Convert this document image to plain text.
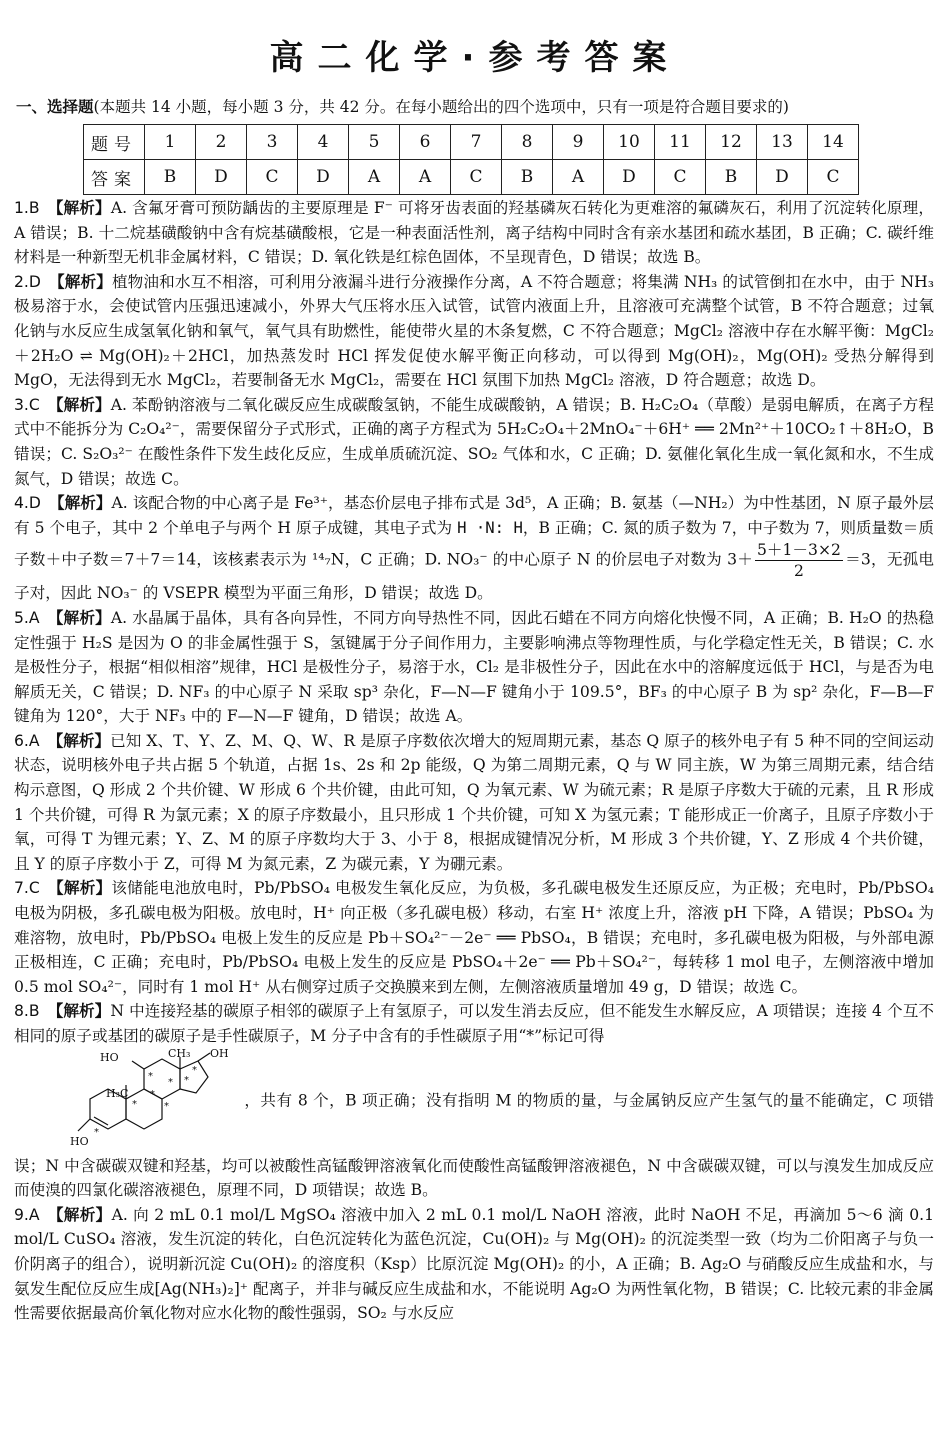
高二化学·参考答案
一、选择题(本题共 14 小题，每小题 3 分，共 42 分。在每小题给出的四个选项中，只有一项是符合题目要求的)
题号	1	2	3	4	5	6	7	8	9	10	11	12	13	14
答案	B	D	C	D	A	A	C	B	A	D	C	B	D	C

1.B 【解析】A. 含氟牙膏可预防龋齿的主要原理是 F⁻ 可将牙齿表面的羟基磷灰石转化为更难溶的氟磷灰石，利用了沉淀转化原理，A 错误；B. 十二烷基磺酸钠中含有烷基磺酸根，它是一种表面活性剂，离子结构中同时含有亲水基团和疏水基团，B 正确；C. 碳纤维材料是一种新型无机非金属材料，C 错误；D. 氧化铁是红棕色固体，不呈现青色，D 错误；故选 B。

2.D 【解析】植物油和水互不相溶，可利用分液漏斗进行分液操作分离，A 不符合题意；将集满 NH₃ 的试管倒扣在水中，由于 NH₃ 极易溶于水，会使试管内压强迅速减小，外界大气压将水压入试管，试管内液面上升，且溶液可充满整个试管，B 不符合题意；过氧化钠与水反应生成氢氧化钠和氧气，氧气具有助燃性，能使带火星的木条复燃，C 不符合题意；MgCl₂ 溶液中存在水解平衡：MgCl₂＋2H₂O ⇌ Mg(OH)₂＋2HCl，加热蒸发时 HCl 挥发促使水解平衡正向移动，可以得到 Mg(OH)₂，Mg(OH)₂ 受热分解得到 MgO，无法得到无水 MgCl₂，若要制备无水 MgCl₂，需要在 HCl 氛围下加热 MgCl₂ 溶液，D 符合题意；故选 D。

3.C 【解析】A. 苯酚钠溶液与二氧化碳反应生成碳酸氢钠，不能生成碳酸钠，A 错误；B. H₂C₂O₄（草酸）是弱电解质，在离子方程式中不能拆分为 C₂O₄²⁻，需要保留分子式形式，正确的离子方程式为 5H₂C₂O₄＋2MnO₄⁻＋6H⁺ ══ 2Mn²⁺＋10CO₂↑＋8H₂O，B 错误；C. S₂O₃²⁻ 在酸性条件下发生歧化反应，生成单质硫沉淀、SO₂ 气体和水，C 正确；D. 氨催化氧化生成一氧化氮和水，不生成氮气，D 错误；故选 C。

4.D 【解析】A. 该配合物的中心离子是 Fe³⁺，基态价层电子排布式是 3d⁵，A 正确；B. 氨基（—NH₂）为中性基团，N 原子最外层有 5 个电子，其中 2 个单电子与两个 H 原子成键，其电子式为 H ·N: H，B 正确；C. 氮的质子数为 7，中子数为 7，则质量数＝质子数＋中子数＝7＋7＝14，该核素表示为 ¹⁴₇N，C 正确；D. NO₃⁻ 的中心原子 N 的价层电子对数为 $3+ \frac{5+1-3\times 2}{2} =3$，无孤电子对，因此 NO₃⁻ 的 VSEPR 模型为平面三角形，D 错误；故选 D。

5.A 【解析】A. 水晶属于晶体，具有各向异性，不同方向导热性不同，因此石蜡在不同方向熔化快慢不同，A 正确；B. H₂O 的热稳定性强于 H₂S 是因为 O 的非金属性强于 S，氢键属于分子间作用力，主要影响沸点等物理性质，与化学稳定性无关，B 错误；C. 水是极性分子，根据“相似相溶”规律，HCl 是极性分子，易溶于水，Cl₂ 是非极性分子，因此在水中的溶解度远低于 HCl，与是否为电解质无关，C 错误；D. NF₃ 的中心原子 N 采取 sp³ 杂化，F—N—F 键角小于 109.5°，BF₃ 的中心原子 B 为 sp² 杂化，F—B—F 键角为 120°，大于 NF₃ 中的 F—N—F 键角，D 错误；故选 A。

6.A 【解析】已知 X、T、Y、Z、M、Q、W、R 是原子序数依次增大的短周期元素，基态 Q 原子的核外电子有 5 种不同的空间运动状态，说明核外电子共占据 5 个轨道，占据 1s、2s 和 2p 能级，Q 为第二周期元素，Q 与 W 同主族，W 为第三周期元素，结合结构示意图，Q 形成 2 个共价键、W 形成 6 个共价键，由此可知，Q 为氧元素、W 为硫元素；R 是原子序数大于硫的元素，且 R 形成 1 个共价键，可得 R 为氯元素；X 的原子序数最小，且只形成 1 个共价键，可知 X 为氢元素；T 能形成正一价离子，且原子序数小于氧，可得 T 为锂元素；Y、Z、M 的原子序数均大于 3、小于 8，根据成键情况分析，M 形成 3 个共价键，Y、Z 形成 4 个共价键，且 Y 的原子序数小于 Z，可得 M 为氮元素，Z 为碳元素，Y 为硼元素。

7.C 【解析】该储能电池放电时，Pb/PbSO₄ 电极发生氧化反应，为负极，多孔碳电极发生还原反应，为正极；充电时，Pb/PbSO₄ 电极为阴极，多孔碳电极为阳极。放电时，H⁺ 向正极（多孔碳电极）移动，右室 H⁺ 浓度上升，溶液 pH 下降，A 错误；PbSO₄ 为难溶物，放电时，Pb/PbSO₄ 电极上发生的反应是 Pb＋SO₄²⁻－2e⁻ ══ PbSO₄，B 错误；充电时，多孔碳电极为阳极，与外部电源正极相连，C 正确；充电时，Pb/PbSO₄ 电极上发生的反应是 PbSO₄＋2e⁻ ══ Pb＋SO₄²⁻，每转移 1 mol 电子，左侧溶液中增加 0.5 mol SO₄²⁻，同时有 1 mol H⁺ 从右侧穿过质子交换膜来到左侧，左侧溶液质量增加 49 g，D 错误；故选 C。

8.B 【解析】N 中连接羟基的碳原子相邻的碳原子上有氢原子，可以发生消去反应，但不能发生水解反应，A 项错误；连接 4 个互不相同的原子或基团的碳原子是手性碳原子，M 分子中含有的手性碳原子用“*”标记可得

HO	CH₃ OH
H₃C
HO
*
*
*
*
* *
*
*
，共有 8 个，B 项正确；没有指明 M 的物质的量，与金属钠反应产生氢气的量不能确定，C 项错误；N 中含碳碳双键和羟基，均可以被酸性高锰酸钾溶液氧化而使酸性高锰酸钾溶液褪色，N 中含碳碳双键，可以与溴发生加成反应而使溴的四氯化碳溶液褪色，原理不同，D 项错误；故选 B。

9.A 【解析】A. 向 2 mL 0.1 mol/L MgSO₄ 溶液中加入 2 mL 0.1 mol/L NaOH 溶液，此时 NaOH 不足，再滴加 5～6 滴 0.1 mol/L CuSO₄ 溶液，发生沉淀的转化，白色沉淀转化为蓝色沉淀，Cu(OH)₂ 与 Mg(OH)₂ 的沉淀类型一致（均为二价阳离子与负一价阴离子的组合），说明新沉淀 Cu(OH)₂ 的溶度积（Ksp）比原沉淀 Mg(OH)₂ 的小，A 正确；B. Ag₂O 与硝酸反应生成盐和水，与氨发生配位反应生成[Ag(NH₃)₂]⁺ 配离子，并非与碱反应生成盐和水，不能说明 Ag₂O 为两性氧化物，B 错误；C. 比较元素的非金属性需要依据最高价氧化物对应水化物的酸性强弱，SO₂ 与水反应
